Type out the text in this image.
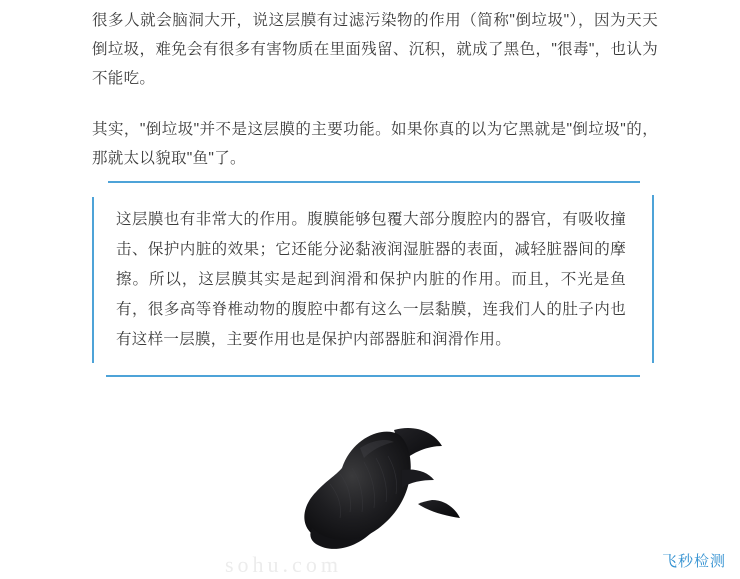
很多人就会脑洞大开，说这层膜有过滤污染物的作用（简称"倒垃圾"），因为天天倒垃圾，难免会有很多有害物质在里面残留、沉积，就成了黑色，"很毒"，也认为不能吃。

其实，"倒垃圾"并不是这层膜的主要功能。如果你真的以为它黑就是"倒垃圾"的，那就太以貌取"鱼"了。

这层膜也有非常大的作用。腹膜能够包覆大部分腹腔内的器官，有吸收撞击、保护内脏的效果；它还能分泌黏液润湿脏器的表面，减轻脏器间的摩擦。所以，这层膜其实是起到润滑和保护内脏的作用。而且，不光是鱼有，很多高等脊椎动物的腹腔中都有这么一层黏膜，连我们人的肚子内也有这样一层膜，主要作用也是保护内部器脏和润滑作用。

sohu.com	飞秒检测
